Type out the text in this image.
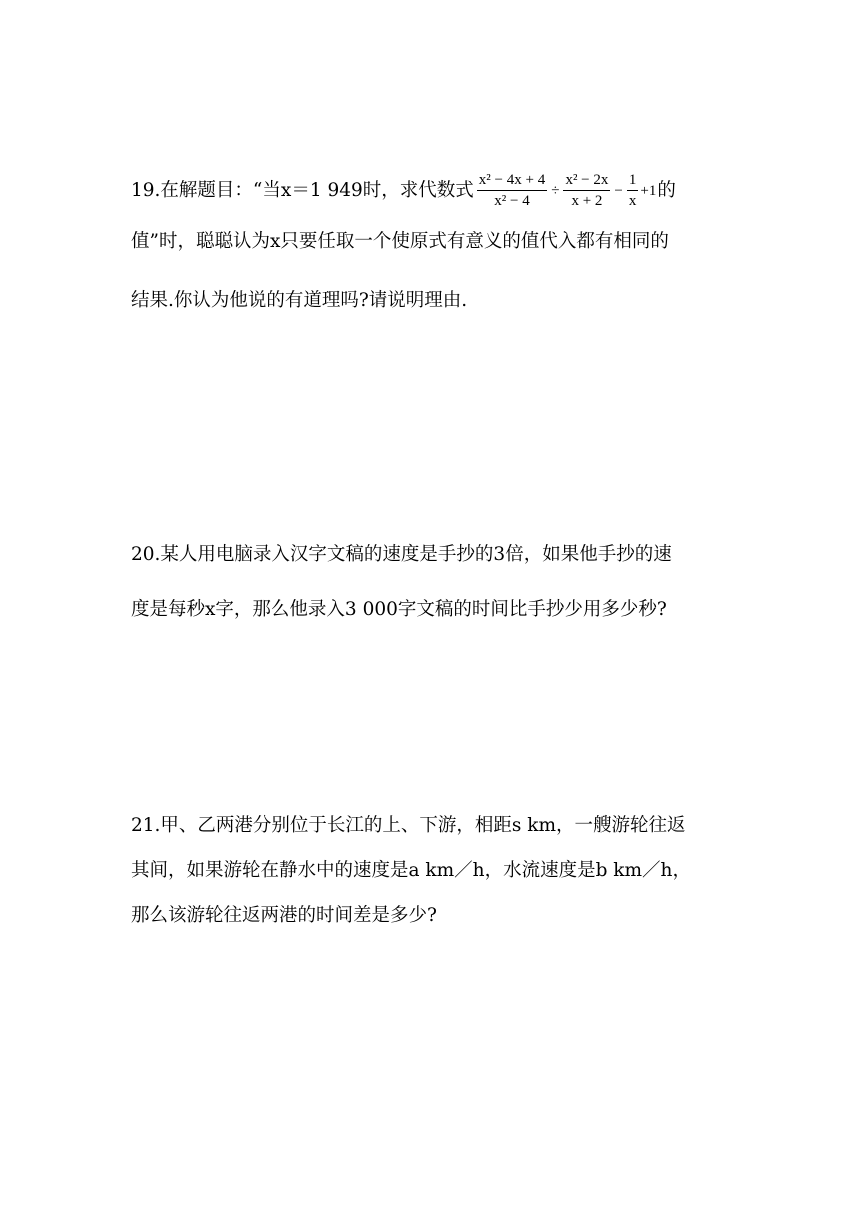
19.在解题目：“当x＝1 949时，求代数式 $\frac{\text{x² − 4x + 4}}{\text{x² − 4}} \div \frac{\text{x² − 2x}}{x + 2} - \frac{1}{x} +1$ 的
值”时，聪聪认为x只要任取一个使原式有意义的值代入都有相同的
结果.你认为他说的有道理吗?请说明理由.
20.某人用电脑录入汉字文稿的速度是手抄的3倍，如果他手抄的速
度是每秒x字，那么他录入3 000字文稿的时间比手抄少用多少秒?
21.甲、乙两港分别位于长江的上、下游，相距s km，一艘游轮往返
其间，如果游轮在静水中的速度是a km／h，水流速度是b km／h，
那么该游轮往返两港的时间差是多少?
